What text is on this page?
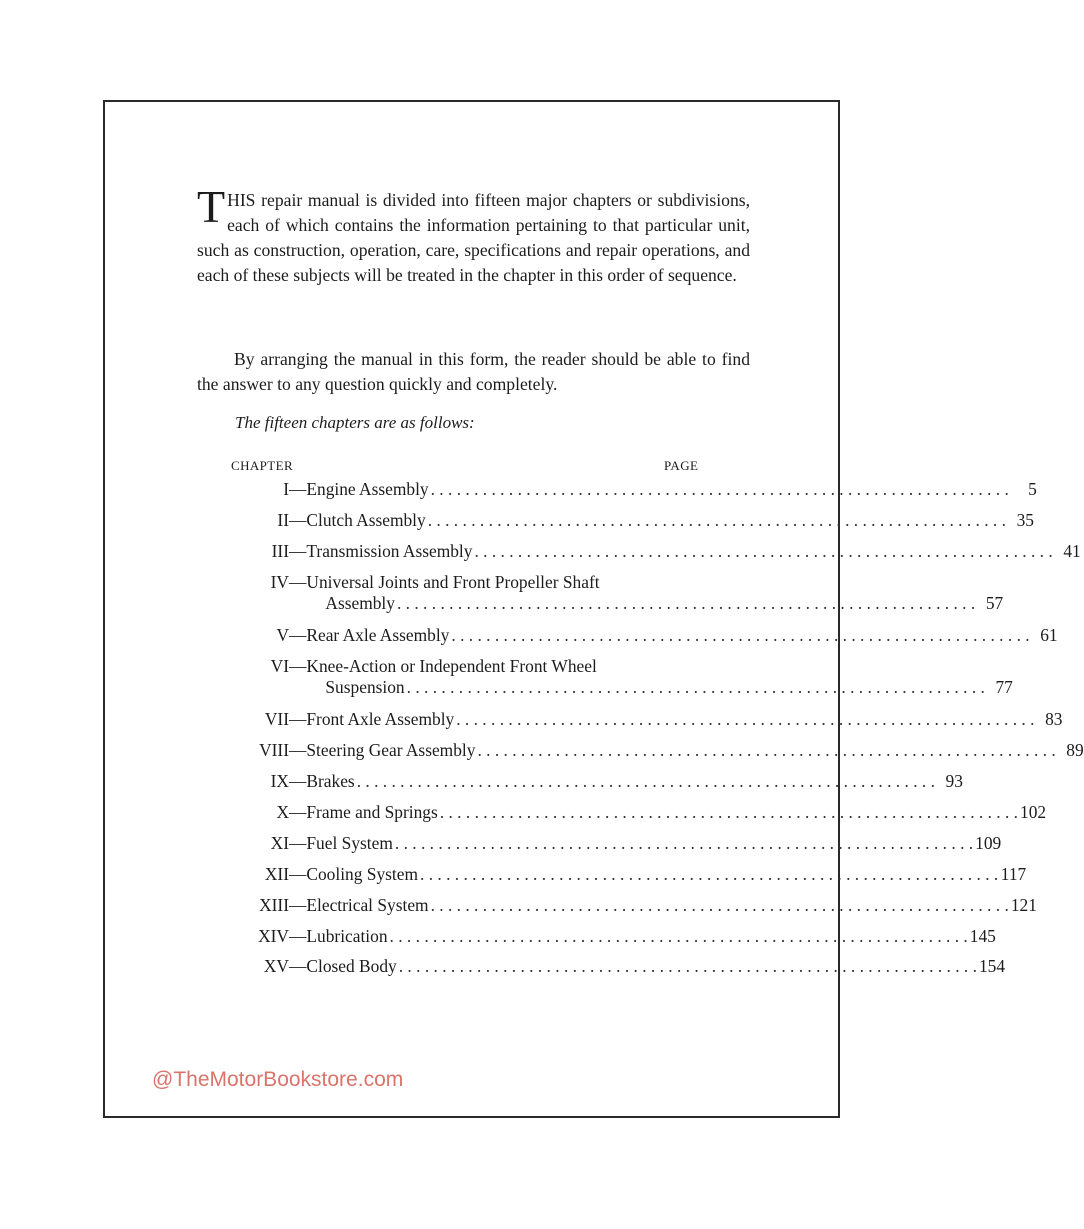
THIS repair manual is divided into fifteen major chapters or subdivisions, each of which contains the information pertaining to that particular unit, such as construction, operation, care, specifications and repair operations, and each of these subjects will be treated in the chapter in this order of sequence.

By arranging the manual in this form, the reader should be able to find the answer to any question quickly and completely.

The fifteen chapters are as follows:

CHAPTER	PAGE

I — Engine Assembly . . .	5
II — Clutch Assembly . . .	35
III — Transmission Assembly . . .	41
IV — Universal Joints and Front Propeller Shaft
Assembly . . .	57
V — Rear Axle Assembly . . .	61
VI — Knee-Action or Independent Front Wheel
Suspension . . .	77
VII — Front Axle Assembly . . .	83
VIII — Steering Gear Assembly . . .	89
IX — Brakes . . .	93
X — Frame and Springs . . .	102
XI — Fuel System . . .	109
XII — Cooling System . . .	117
XIII — Electrical System . . .	121
XIV — Lubrication . . .	145
XV — Closed Body . . .	154

@TheMotorBookstore.com
